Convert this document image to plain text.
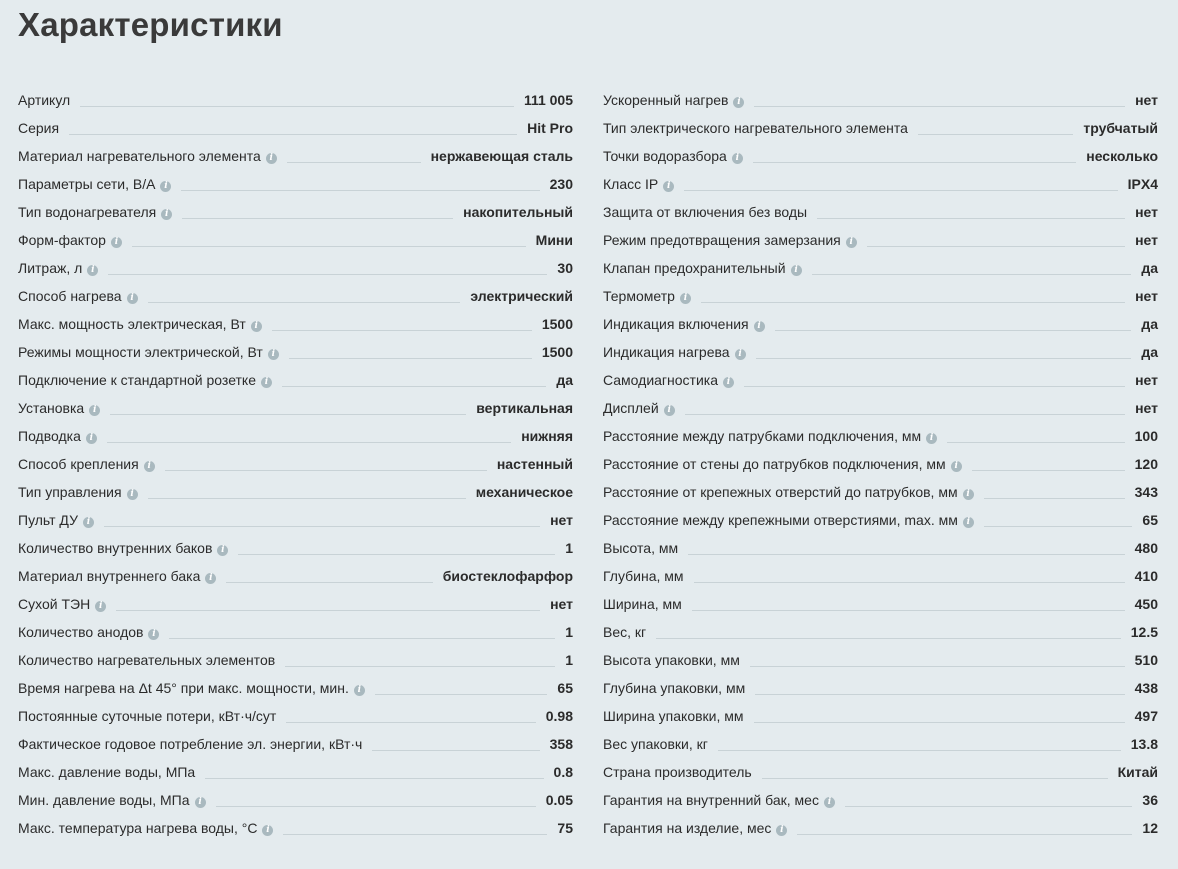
Характеристики
Артикул	111 005
Серия	Hit Pro
Материал нагревательного элемента i	нержавеющая сталь
Параметры сети, В/А i	230
Тип водонагревателя i	накопительный
Форм-фактор i	Мини
Литраж, л i	30
Способ нагрева i	электрический
Макс. мощность электрическая, Вт i	1500
Режимы мощности электрической, Вт i	1500
Подключение к стандартной розетке i	да
Установка i	вертикальная
Подводка i	нижняя
Способ крепления i	настенный
Тип управления i	механическое
Пульт ДУ i	нет
Количество внутренних баков i	1
Материал внутреннего бака i	биостеклофарфор
Сухой ТЭН i	нет
Количество анодов i	1
Количество нагревательных элементов	1
Время нагрева на Δt 45° при макс. мощности, мин. i	65
Постоянные суточные потери, кВт·ч/сут	0.98
Фактическое годовое потребление эл. энергии, кВт·ч	358
Макс. давление воды, МПа	0.8
Мин. давление воды, МПа i	0.05
Макс. температура нагрева воды, °С i	75
Ускоренный нагрев i	нет
Тип электрического нагревательного элемента	трубчатый
Точки водоразбора i	несколько
Класс IP i	IPX4
Защита от включения без воды	нет
Режим предотвращения замерзания i	нет
Клапан предохранительный i	да
Термометр i	нет
Индикация включения i	да
Индикация нагрева i	да
Самодиагностика i	нет
Дисплей i	нет
Расстояние между патрубками подключения, мм i	100
Расстояние от стены до патрубков подключения, мм i	120
Расстояние от крепежных отверстий до патрубков, мм i	343
Расстояние между крепежными отверстиями, max. мм i	65
Высота, мм	480
Глубина, мм	410
Ширина, мм	450
Вес, кг	12.5
Высота упаковки, мм	510
Глубина упаковки, мм	438
Ширина упаковки, мм	497
Вес упаковки, кг	13.8
Страна производитель	Китай
Гарантия на внутренний бак, мес i	36
Гарантия на изделие, мес i	12
